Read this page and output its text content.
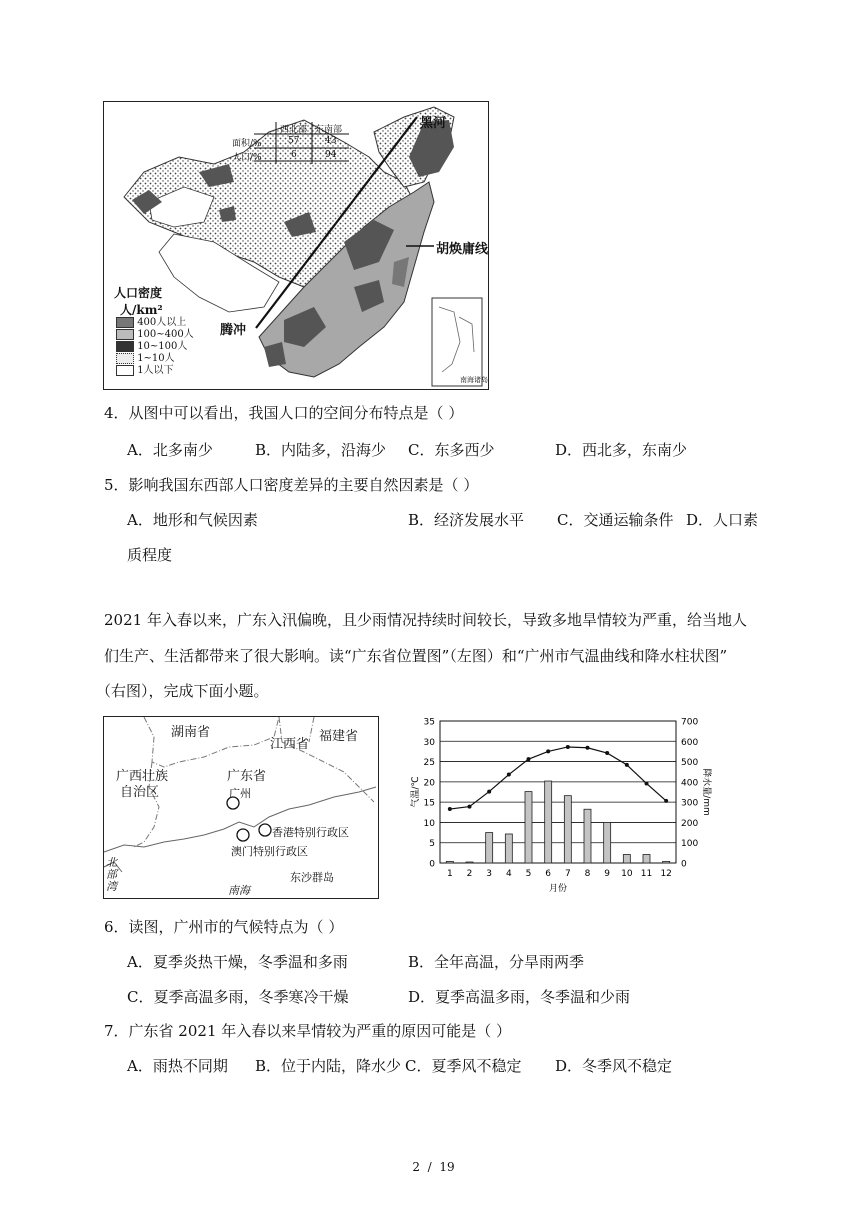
西北部 东南部
面积/%	57	43
人口/%	6	94
黑河
腾冲
胡焕庸线
南海诸岛
人口密度
人/km²
400人以上
100~400人
10~100人
1~10人
1人以下
4．从图中可以看出，我国人口的空间分布特点是（ ）
A．北多南少	B．内陆多，沿海少 C．东多西少	D．西北多，东南少
5．影响我国东西部人口密度差异的主要自然因素是（ ）
A．地形和气候因素	B．经济发展水平 C．交通运输条件 D．人口素
质程度
2021 年入春以来，广东入汛偏晚，且少雨情况持续时间较长，导致多地旱情较为严重，给当地人
们生产、生活都带来了很大影响。读“广东省位置图”（左图）和“广州市气温曲线和降水柱状图”
（右图），完成下面小题。
湖南省	福建省
江西省
广西壮族
自治区
广东省
广州
香港特别行政区
澳门特别行政区
北部湾	南海
东沙群岛
0
5
10
15
20
25
30
35
0
100
200
300
400
500
600
700
1 2 3 4 5 6 7 8 9 10 11 12
月份
气温/℃	降水量/mm
6．读图，广州市的气候特点为（ ）
A．夏季炎热干燥，冬季温和多雨	B．全年高温，分旱雨两季
C．夏季高温多雨，冬季寒冷干燥	D．夏季高温多雨，冬季温和少雨
7．广东省 2021 年入春以来旱情较为严重的原因可能是（ ）
A．雨热不同期 B．位于内陆，降水少 C．夏季风不稳定 D．冬季风不稳定
2  /  19
